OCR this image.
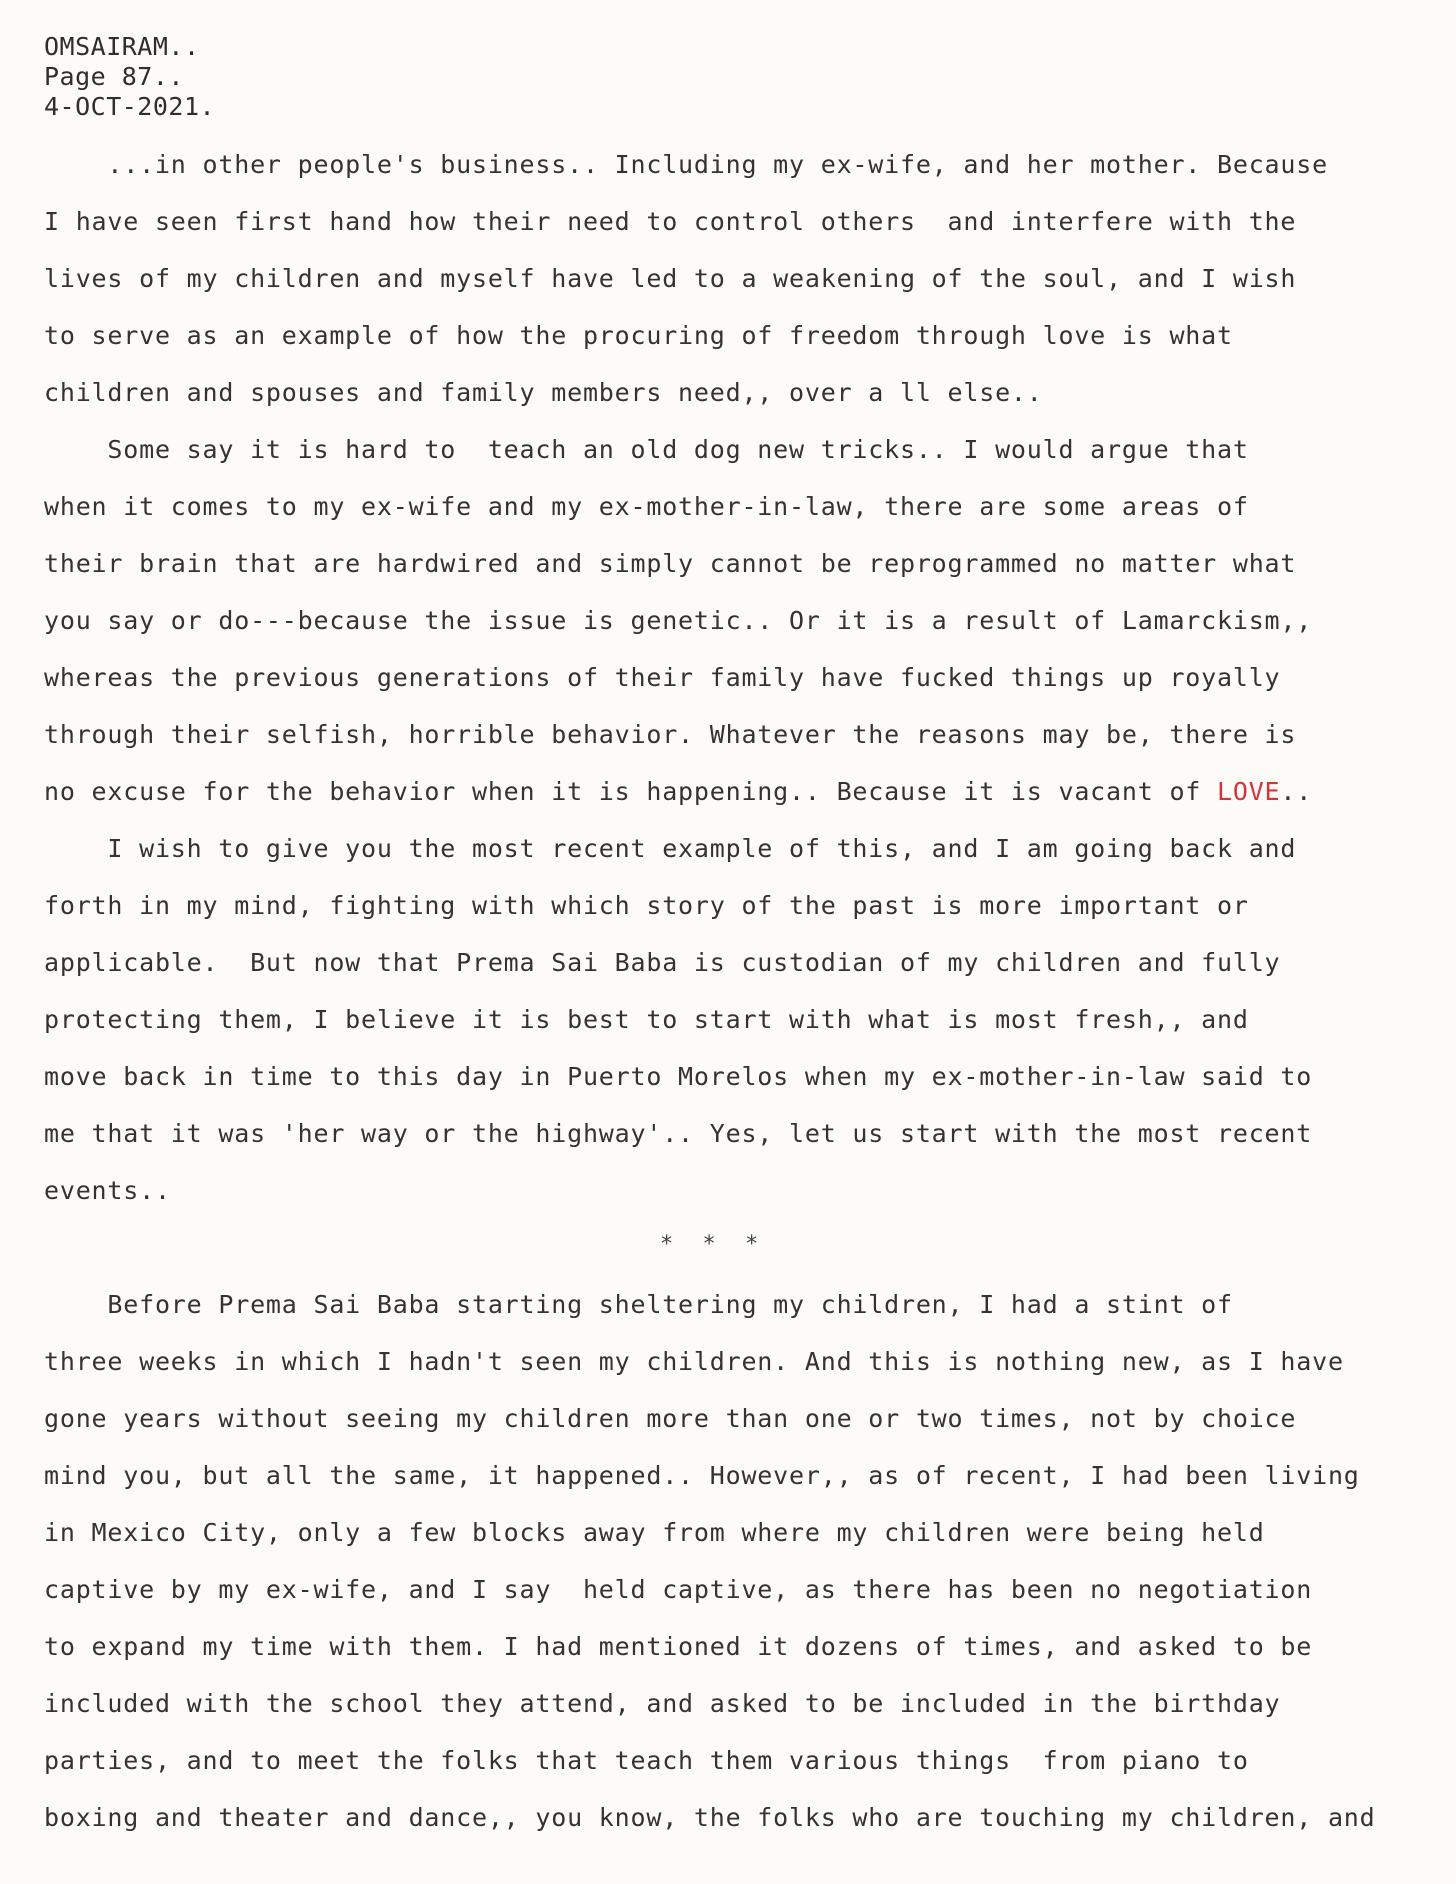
OMSAIRAM..
Page 87..
4-OCT-2021.
...in other people's business.. Including my ex-wife, and her mother. Because
I have seen first hand how their need to control others  and interfere with the
lives of my children and myself have led to a weakening of the soul, and I wish
to serve as an example of how the procuring of freedom through love is what
children and spouses and family members need,, over a ll else..
Some say it is hard to  teach an old dog new tricks.. I would argue that
when it comes to my ex-wife and my ex-mother-in-law, there are some areas of
their brain that are hardwired and simply cannot be reprogrammed no matter what
you say or do---because the issue is genetic.. Or it is a result of Lamarckism,,
whereas the previous generations of their family have fucked things up royally
through their selfish, horrible behavior. Whatever the reasons may be, there is
no excuse for the behavior when it is happening.. Because it is vacant of LOVE..
I wish to give you the most recent example of this, and I am going back and
forth in my mind, fighting with which story of the past is more important or
applicable.  But now that Prema Sai Baba is custodian of my children and fully
protecting them, I believe it is best to start with what is most fresh,, and
move back in time to this day in Puerto Morelos when my ex-mother-in-law said to
me that it was 'her way or the highway'.. Yes, let us start with the most recent
events..
Before Prema Sai Baba starting sheltering my children, I had a stint of
three weeks in which I hadn't seen my children. And this is nothing new, as I have
gone years without seeing my children more than one or two times, not by choice
mind you, but all the same, it happened.. However,, as of recent, I had been living
in Mexico City, only a few blocks away from where my children were being held
captive by my ex-wife, and I say  held captive, as there has been no negotiation
to expand my time with them. I had mentioned it dozens of times, and asked to be
included with the school they attend, and asked to be included in the birthday
parties, and to meet the folks that teach them various things  from piano to
boxing and theater and dance,, you know, the folks who are touching my children, and
* * *
